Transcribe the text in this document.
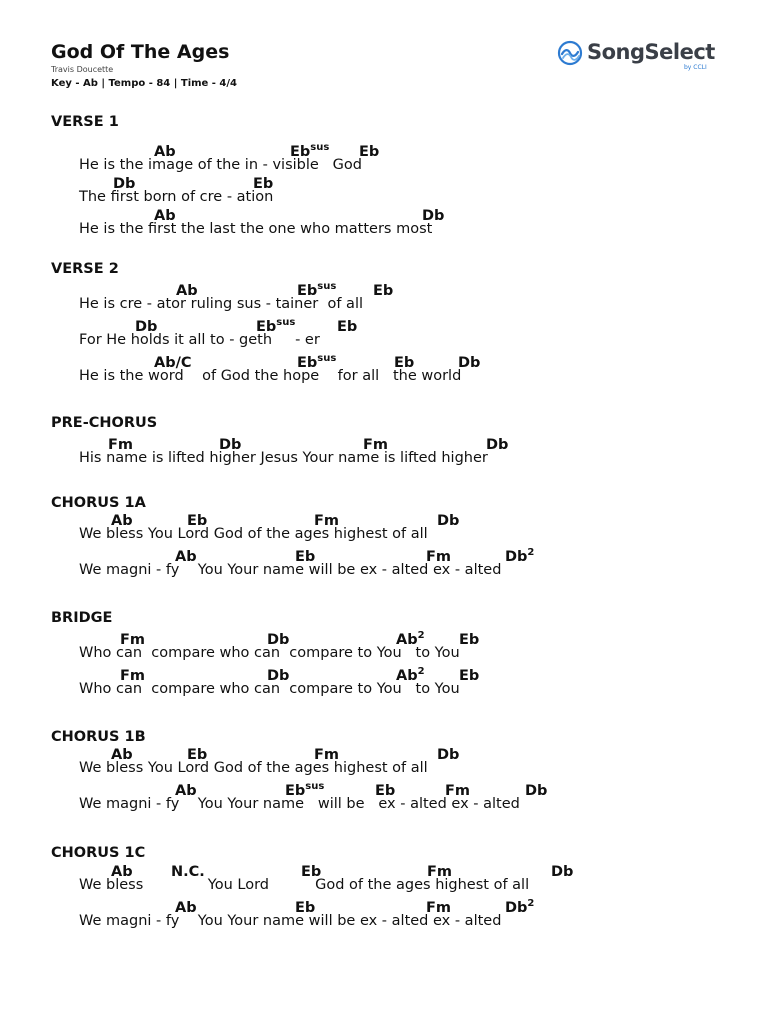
God Of The Ages
Travis Doucette
Key - Ab | Tempo - 84 | Time - 4/4
SongSelect
by CCLI
VERSE 1
Ab	$Eb^{sus}$ Eb
He is the image of the in - visible   God
Db	Eb
The first born of cre - ation
Ab	Db
He is the first the last the one who matters most
VERSE 2
Ab	$Eb^{sus}$	Eb
He is cre - ator ruling sus - tainer  of all
Db	$Eb^{sus}$	Eb
For He holds it all to - geth     - er
Ab/C	$Eb^{sus}$	Eb	Db
He is the word    of God the hope    for all   the world
PRE-CHORUS
Fm	Db	Fm	Db
His name is lifted higher Jesus Your name is lifted higher
CHORUS 1A
Ab	Eb	Fm	Db
We bless You Lord God of the ages highest of all
Ab	Eb	Fm	Db$^2$
We magni - fy    You Your name will be ex - alted ex - alted
BRIDGE
Fm	Db	Ab$^2$ Eb
Who can  compare who can  compare to You   to You
Fm	Db	Ab$^2$ Eb
Who can  compare who can  compare to You   to You
CHORUS 1B
Ab	Eb	Fm	Db
We bless You Lord God of the ages highest of all
Ab	$Eb^{sus}$	Eb	Fm	Db
We magni - fy    You Your name   will be   ex - alted ex - alted
CHORUS 1C
Ab	N.C.	Eb	Fm	Db
We bless              You Lord          God of the ages highest of all
Ab	Eb	Fm	Db$^2$
We magni - fy    You Your name will be ex - alted ex - alted
